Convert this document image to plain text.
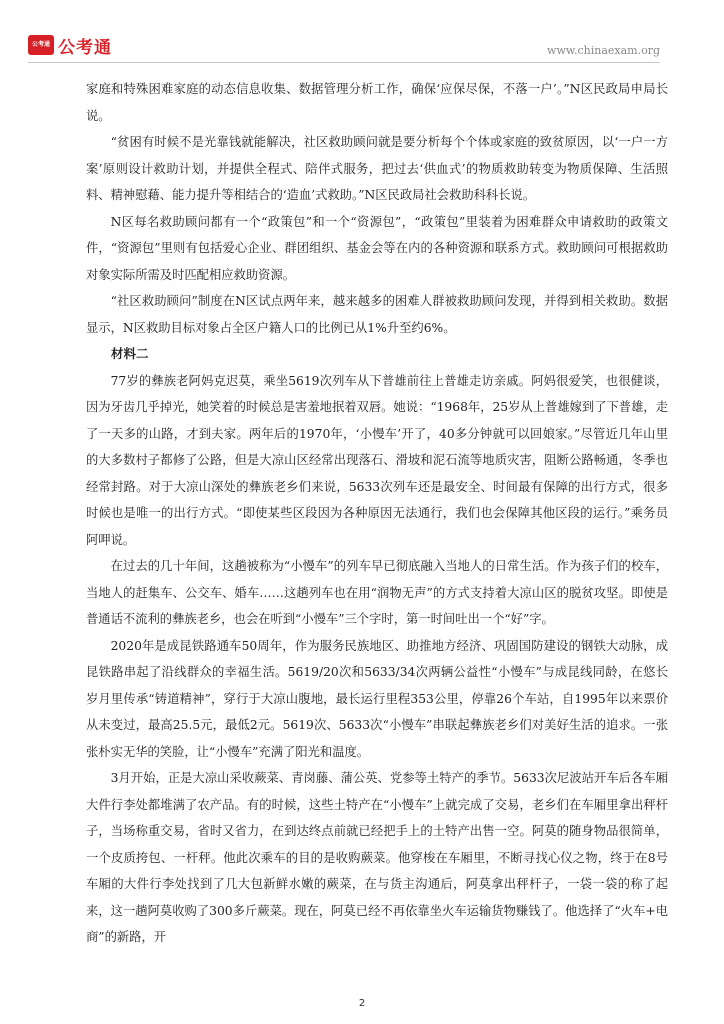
公考通 公考通	www.chinaexam.org

家庭和特殊困难家庭的动态信息收集、数据管理分析工作，确保‘应保尽保，不落一户’。”N区民政局申局长说。

“贫困有时候不是光靠钱就能解决，社区救助顾问就是要分析每个个体或家庭的致贫原因，以‘一户一方案’原则设计救助计划，并提供全程式、陪伴式服务，把过去‘供血式’的物质救助转变为物质保障、生活照料、精神慰藉、能力提升等相结合的‘造血’式救助。”N区民政局社会救助科科长说。

N区每名救助顾问都有一个“政策包”和一个“资源包”，“政策包”里装着为困难群众申请救助的政策文件，“资源包”里则有包括爱心企业、群团组织、基金会等在内的各种资源和联系方式。救助顾问可根据救助对象实际所需及时匹配相应救助资源。

“社区救助顾问”制度在N区试点两年来，越来越多的困难人群被救助顾问发现，并得到相关救助。数据显示，N区救助目标对象占全区户籍人口的比例已从1%升至约6%。

材料二

77岁的彝族老阿妈克迟莫，乘坐5619次列车从下普雄前往上普雄走访亲戚。阿妈很爱笑，也很健谈，因为牙齿几乎掉光，她笑着的时候总是害羞地抿着双唇。她说：“1968年，25岁从上普雄嫁到了下普雄，走了一天多的山路，才到夫家。两年后的1970年，‘小慢车’开了，40多分钟就可以回娘家。”尽管近几年山里的大多数村子都修了公路，但是大凉山区经常出现落石、滑坡和泥石流等地质灾害，阻断公路畅通，冬季也经常封路。对于大凉山深处的彝族老乡们来说，5633次列车还是最安全、时间最有保障的出行方式，很多时候也是唯一的出行方式。“即使某些区段因为各种原因无法通行，我们也会保障其他区段的运行。”乘务员阿呷说。

在过去的几十年间，这趟被称为“小慢车”的列车早已彻底融入当地人的日常生活。作为孩子们的校车，当地人的赶集车、公交车、婚车……这趟列车也在用“润物无声”的方式支持着大凉山区的脱贫攻坚。即使是普通话不流利的彝族老乡，也会在听到“小慢车”三个字时，第一时间吐出一个“好”字。

2020年是成昆铁路通车50周年，作为服务民族地区、助推地方经济、巩固国防建设的钢铁大动脉，成昆铁路串起了沿线群众的幸福生活。5619/20次和5633/34次两辆公益性“小慢车”与成昆线同龄，在悠长岁月里传承“铸道精神”，穿行于大凉山腹地，最长运行里程353公里，停靠26个车站，自1995年以来票价从未变过，最高25.5元，最低2元。5619次、5633次“小慢车”串联起彝族老乡们对美好生活的追求。一张张朴实无华的笑脸，让“小慢车”充满了阳光和温度。

3月开始，正是大凉山采收蕨菜、青岗藤、蒲公英、党参等土特产的季节。5633次尼波站开车后各车厢大件行李处都堆满了农产品。有的时候，这些土特产在“小慢车”上就完成了交易，老乡们在车厢里拿出秤杆子，当场称重交易，省时又省力，在到达终点前就已经把手上的土特产出售一空。阿莫的随身物品很简单，一个皮质挎包、一杆秤。他此次乘车的目的是收购蕨菜。他穿梭在车厢里，不断寻找心仪之物，终于在8号车厢的大件行李处找到了几大包新鲜水嫩的蕨菜，在与货主沟通后，阿莫拿出秤杆子，一袋一袋的称了起来，这一趟阿莫收购了300多斤蕨菜。现在，阿莫已经不再依靠坐火车运输货物赚钱了。他选择了“火车+电商”的新路，开

2
